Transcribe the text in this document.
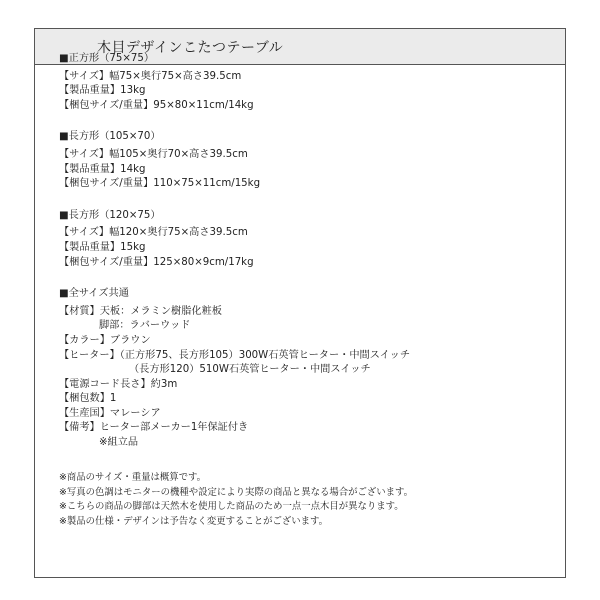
木目デザインこたつテーブル
■正方形（75×75）
【サイズ】幅75×奥行75×高さ39.5cm
【製品重量】13kg
【梱包サイズ/重量】95×80×11cm/14kg
■長方形（105×70）
【サイズ】幅105×奥行70×高さ39.5cm
【製品重量】14kg
【梱包サイズ/重量】110×75×11cm/15kg
■長方形（120×75）
【サイズ】幅120×奥行75×高さ39.5cm
【製品重量】15kg
【梱包サイズ/重量】125×80×9cm/17kg
■全サイズ共通
【材質】天板：メラミン樹脂化粧板
脚部：ラバーウッド
【カラー】ブラウン
【ヒーター】（正方形75、長方形105）300W石英管ヒーター・中間スイッチ
（長方形120）510W石英管ヒーター・中間スイッチ
【電源コード長さ】約3m
【梱包数】1
【生産国】マレーシア
【備考】ヒーター部メーカー1年保証付き
※組立品
※商品のサイズ・重量は概算です。
※写真の色調はモニターの機種や設定により実際の商品と異なる場合がございます。
※こちらの商品の脚部は天然木を使用した商品のため一点一点木目が異なります。
※製品の仕様・デザインは予告なく変更することがございます。
